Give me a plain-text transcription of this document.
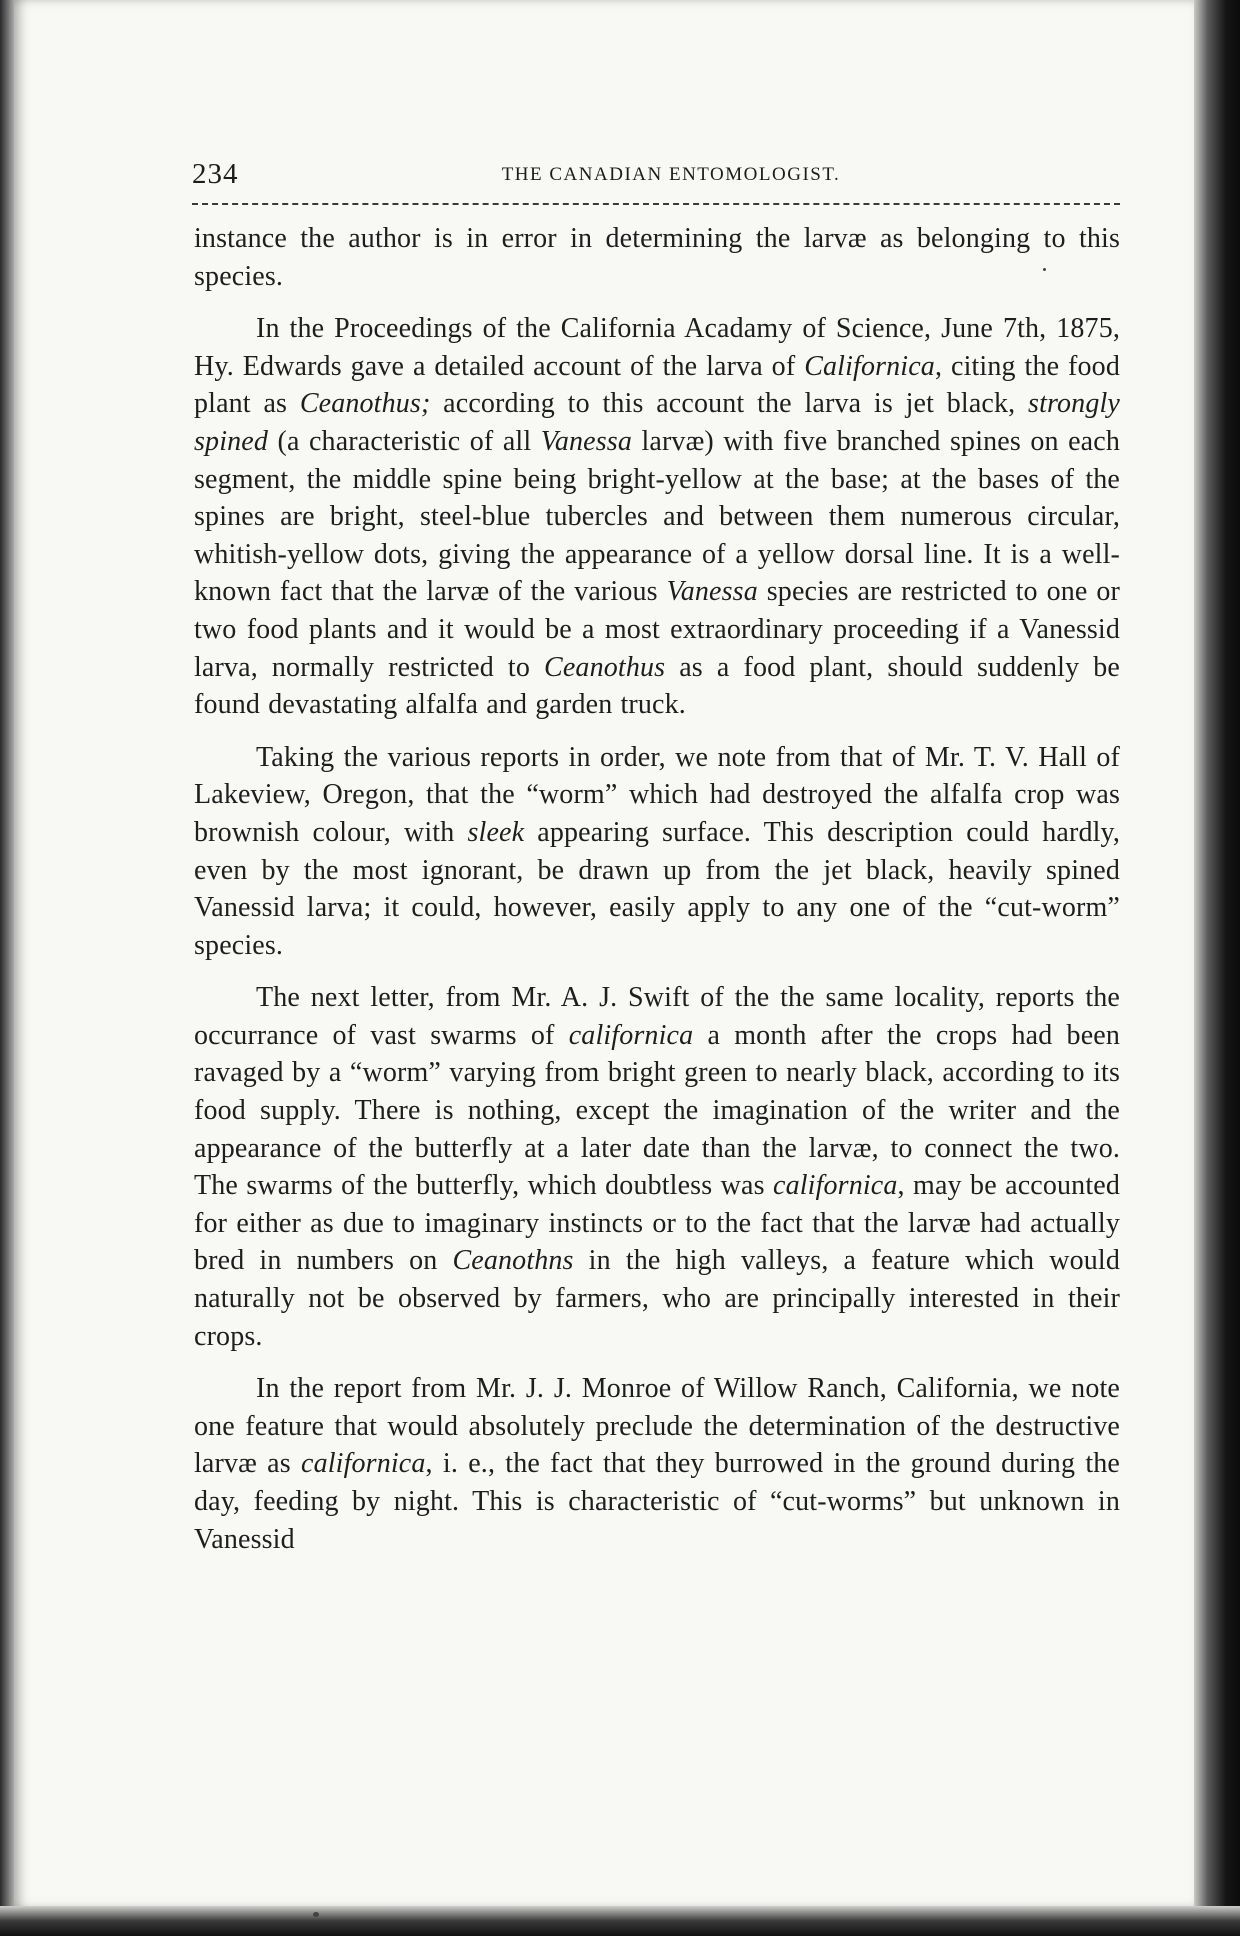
234	THE CANADIAN ENTOMOLOGIST.

instance the author is in error in determining the larvæ as belonging to this species.

In the Proceedings of the California Acadamy of Science, June 7th, 1875, Hy. Edwards gave a detailed account of the larva of Californica, citing the food plant as Ceanothus; according to this account the larva is jet black, strongly spined (a characteristic of all Vanessa larvæ) with five branched spines on each segment, the middle spine being bright-yellow at the base; at the bases of the spines are bright, steel-blue tubercles and between them numerous circular, whitish-yellow dots, giving the appearance of a yellow dorsal line. It is a well-known fact that the larvæ of the various Vanessa species are restricted to one or two food plants and it would be a most extraordinary proceeding if a Vanessid larva, normally restricted to Ceanothus as a food plant, should suddenly be found devastating alfalfa and garden truck.

Taking the various reports in order, we note from that of Mr. T. V. Hall of Lakeview, Oregon, that the “worm” which had destroyed the alfalfa crop was brownish colour, with sleek appearing surface. This description could hardly, even by the most ignorant, be drawn up from the jet black, heavily spined Vanessid larva; it could, however, easily apply to any one of the “cut-worm” species.

The next letter, from Mr. A. J. Swift of the the same locality, reports the occurrance of vast swarms of californica a month after the crops had been ravaged by a “worm” varying from bright green to nearly black, according to its food supply. There is nothing, except the imagination of the writer and the appearance of the butterfly at a later date than the larvæ, to connect the two. The swarms of the butterfly, which doubtless was californica, may be accounted for either as due to imaginary instincts or to the fact that the larvæ had actually bred in numbers on Ceanothns in the high valleys, a feature which would naturally not be observed by farmers, who are principally interested in their crops.

In the report from Mr. J. J. Monroe of Willow Ranch, California, we note one feature that would absolutely preclude the determination of the destructive larvæ as californica, i. e., the fact that they burrowed in the ground during the day, feeding by night. This is characteristic of “cut-worms” but unknown in Vanessid
